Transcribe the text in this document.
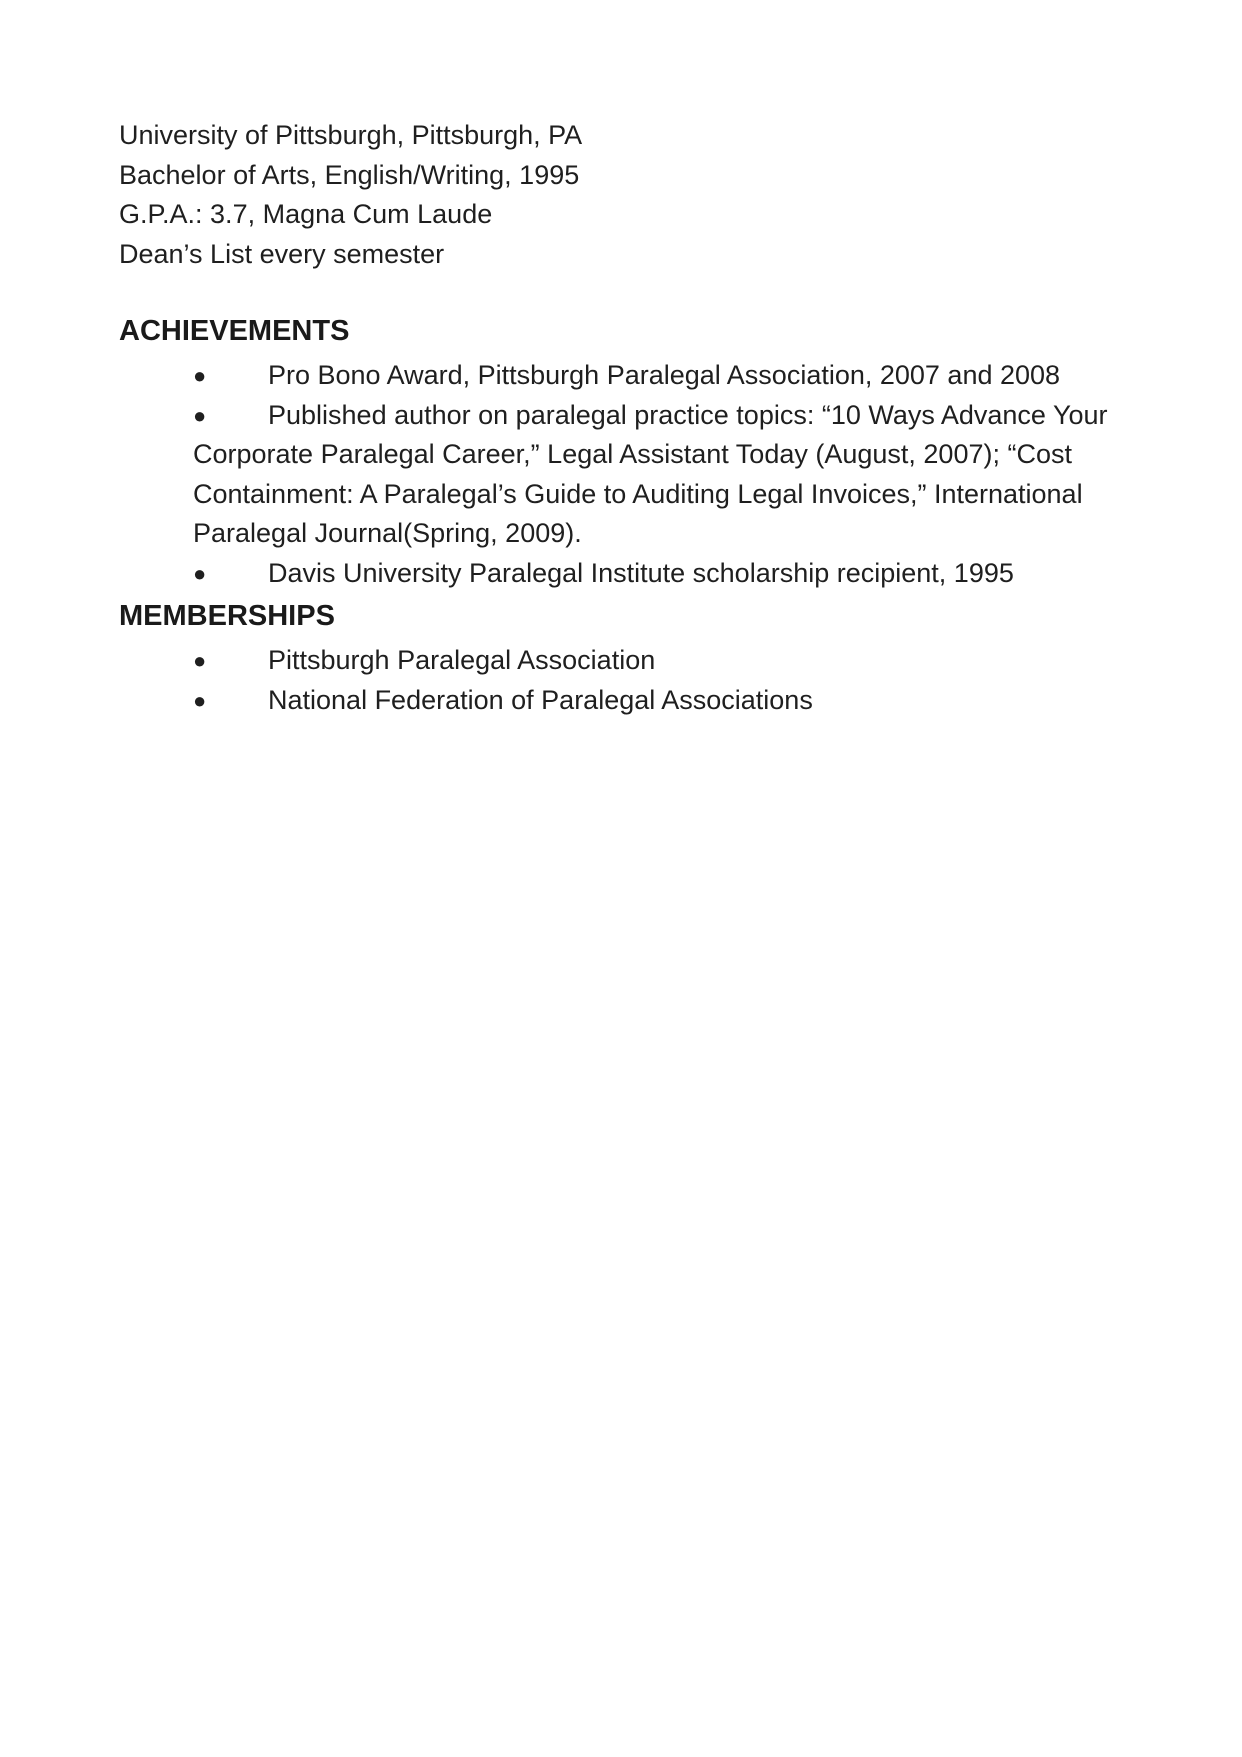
University of Pittsburgh, Pittsburgh, PA

Bachelor of Arts, English/Writing, 1995

G.P.A.: 3.7, Magna Cum Laude

Dean’s List every semester

ACHIEVEMENTS
● Pro Bono Award, Pittsburgh Paralegal Association, 2007 and 2008
● Published author on paralegal practice topics: “10 Ways Advance Your Corporate Paralegal Career,” Legal Assistant Today (August, 2007); “Cost Containment: A Paralegal’s Guide to Auditing Legal Invoices,” International Paralegal Journal(Spring, 2009).
● Davis University Paralegal Institute scholarship recipient, 1995
MEMBERSHIPS
● Pittsburgh Paralegal Association
● National Federation of Paralegal Associations
